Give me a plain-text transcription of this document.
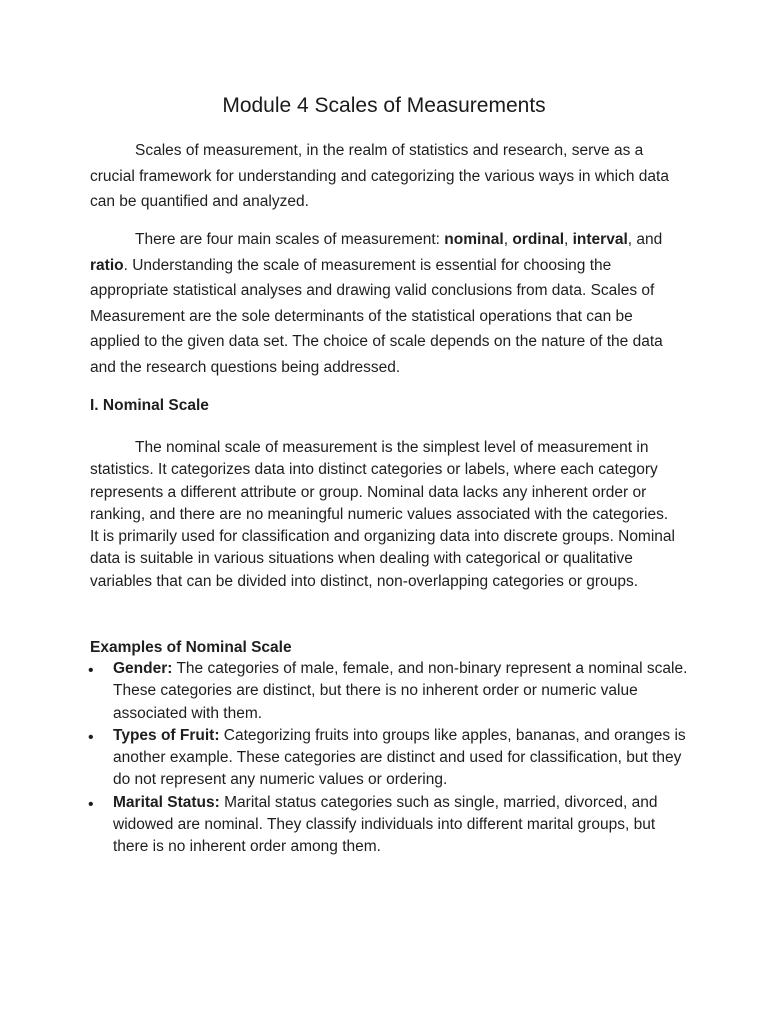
Module 4 Scales of Measurements

Scales of measurement, in the realm of statistics and research, serve as a crucial framework for understanding and categorizing the various ways in which data can be quantified and analyzed.

There are four main scales of measurement: nominal, ordinal, interval, and ratio. Understanding the scale of measurement is essential for choosing the appropriate statistical analyses and drawing valid conclusions from data. Scales of Measurement are the sole determinants of the statistical operations that can be applied to the given data set. The choice of scale depends on the nature of the data and the research questions being addressed.

I. Nominal Scale

The nominal scale of measurement is the simplest level of measurement in statistics. It categorizes data into distinct categories or labels, where each category represents a different attribute or group. Nominal data lacks any inherent order or ranking, and there are no meaningful numeric values associated with the categories. It is primarily used for classification and organizing data into discrete groups. Nominal data is suitable in various situations when dealing with categorical or qualitative variables that can be divided into distinct, non-overlapping categories or groups.

Examples of Nominal Scale
• Gender: The categories of male, female, and non-binary represent a nominal scale. These categories are distinct, but there is no inherent order or numeric value associated with them.
• Types of Fruit: Categorizing fruits into groups like apples, bananas, and oranges is another example. These categories are distinct and used for classification, but they do not represent any numeric values or ordering.
• Marital Status: Marital status categories such as single, married, divorced, and widowed are nominal. They classify individuals into different marital groups, but there is no inherent order among them.
